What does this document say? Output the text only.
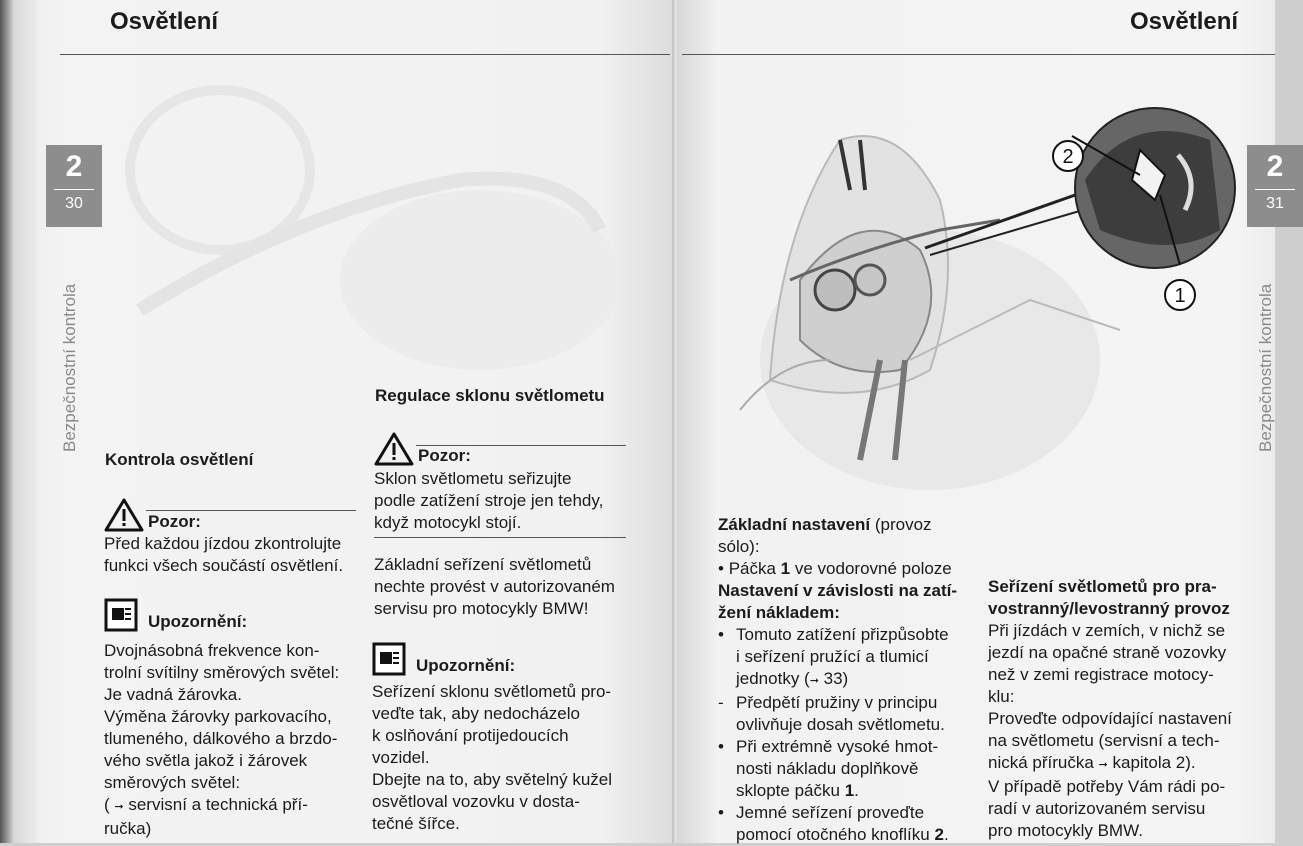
Osvětlení
2
30
Bezpečnostní kontrola

Kontrola osvětlení

Pozor:
Před každou jízdou zkontrolujte
funkci všech součástí osvětlení.
Upozornění:
Dvojnásobná frekvence kon-
trolní svítilny směrových světel:
Je vadná žárovka.
Výměna žárovky parkovacího,
tlumeného, dálkového a brzdo-
vého světla jakož i žárovek
směrových světel:
( ➞ servisní a technická pří-
ručka)

Regulace sklonu světlometu

Pozor:
Sklon světlometu seřizujte
podle zatížení stroje jen tehdy,
když motocykl stojí.
Základní seřízení světlometů
nechte provést v autorizovaném
servisu pro motocykly BMW!
Upozornění:
Seřízení sklonu světlometů pro-
veďte tak, aby nedocházelo
k oslňování protijedoucích
vozidel.
Dbejte na to, aby světelný kužel
osvětloval vozovku v dosta-
tečné šířce.
Osvětlení
2
31
Bezpečnostní kontrola
2
1
Základní nastavení (provoz
sólo):
• Páčka 1 ve vodorovné poloze
Nastavení v závislosti na zatí-
žení nákladem:
• Tomuto zatížení přizpůsobte
i seřízení pružící a tlumicí
jednotky (➞ 33)
- Předpětí pružiny v principu
ovlivňuje dosah světlometu.
• Při extrémně vysoké hmot-
nosti nákladu doplňkově
sklopte páčku 1.
• Jemné seřízení proveďte
pomocí otočného knoflíku 2.
Seřízení světlometů pro pra-
vostranný/levostranný provoz
Při jízdách v zemích, v nichž se
jezdí na opačné straně vozovky
než v zemi registrace motocy-
klu:
Proveďte odpovídající nastavení
na světlometu (servisní a tech-
nická příručka ➞ kapitola 2).
V případě potřeby Vám rádi po-
radí v autorizovaném servisu
pro motocykly BMW.
